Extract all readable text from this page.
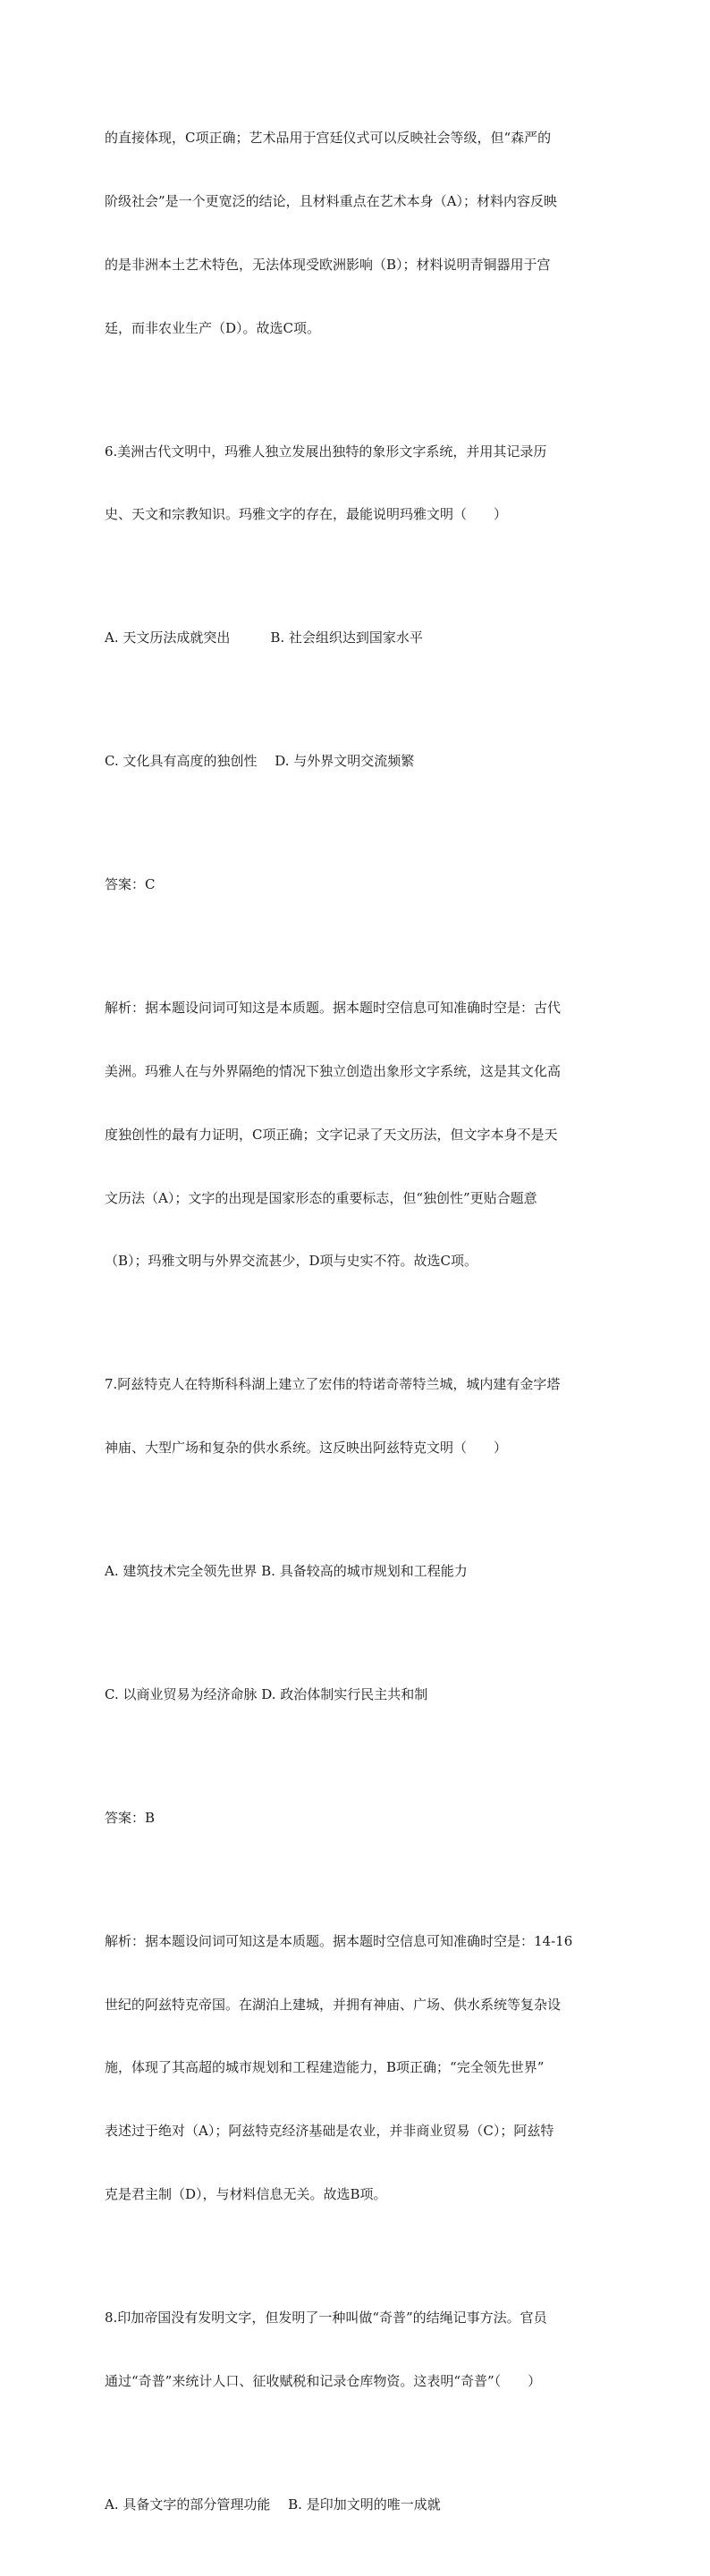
的直接体现，C项正确；艺术品用于宫廷仪式可以反映社会等级，但“森严的

阶级社会”是一个更宽泛的结论，且材料重点在艺术本身（A）；材料内容反映

的是非洲本土艺术特色，无法体现受欧洲影响（B）；材料说明青铜器用于宫

廷，而非农业生产（D）。故选C项。

6.美洲古代文明中，玛雅人独立发展出独特的象形文字系统，并用其记录历

史、天文和宗教知识。玛雅文字的存在，最能说明玛雅文明（　　）

A. 天文历法成就突出　　　B. 社会组织达到国家水平

C. 文化具有高度的独创性　 D. 与外界文明交流频繁

答案：C

解析：据本题设问词可知这是本质题。据本题时空信息可知准确时空是：古代

美洲。玛雅人在与外界隔绝的情况下独立创造出象形文字系统，这是其文化高

度独创性的最有力证明，C项正确；文字记录了天文历法，但文字本身不是天

文历法（A）；文字的出现是国家形态的重要标志，但“独创性”更贴合题意

（B）；玛雅文明与外界交流甚少，D项与史实不符。故选C项。

7.阿兹特克人在特斯科科湖上建立了宏伟的特诺奇蒂特兰城，城内建有金字塔

神庙、大型广场和复杂的供水系统。这反映出阿兹特克文明（　　）

A. 建筑技术完全领先世界 B. 具备较高的城市规划和工程能力

C. 以商业贸易为经济命脉 D. 政治体制实行民主共和制

答案：B

解析：据本题设问词可知这是本质题。据本题时空信息可知准确时空是：14-16

世纪的阿兹特克帝国。在湖泊上建城，并拥有神庙、广场、供水系统等复杂设

施，体现了其高超的城市规划和工程建造能力，B项正确；“完全领先世界”

表述过于绝对（A）；阿兹特克经济基础是农业，并非商业贸易（C）；阿兹特

克是君主制（D），与材料信息无关。故选B项。

8.印加帝国没有发明文字，但发明了一种叫做“奇普”的结绳记事方法。官员

通过“奇普”来统计人口、征收赋税和记录仓库物资。这表明“奇普”（　　）

A. 具备文字的部分管理功能　 B. 是印加文明的唯一成就
